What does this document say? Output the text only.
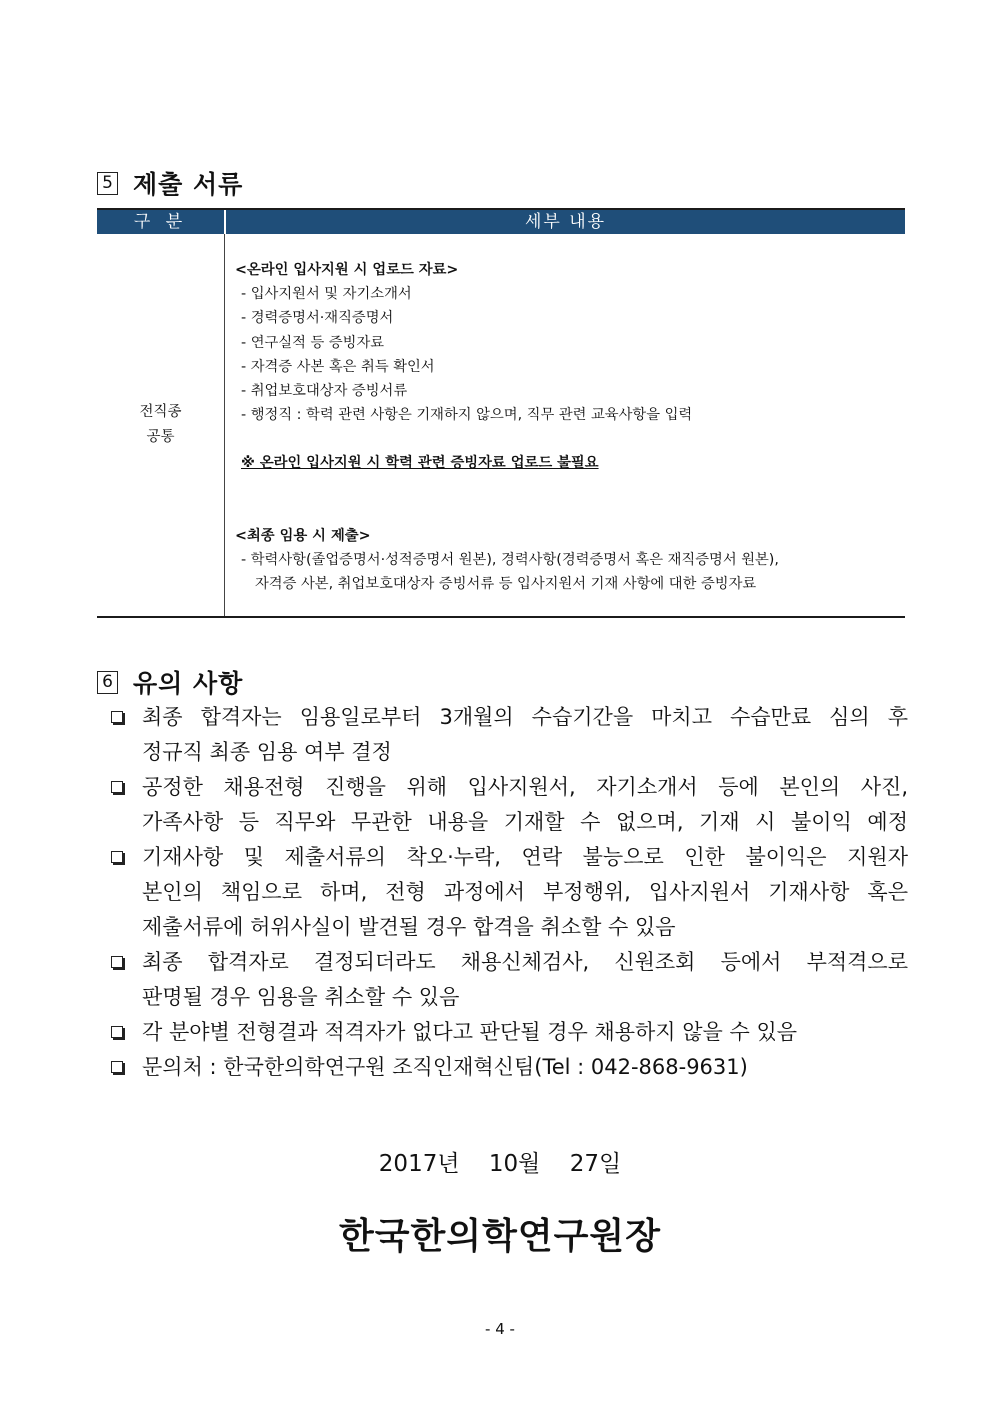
5 제출 서류
구 분	세부 내용
전직종
공통
<온라인 입사지원 시 업로드 자료>
- 입사지원서 및 자기소개서
- 경력증명서·재직증명서
- 연구실적 등 증빙자료
- 자격증 사본 혹은 취득 확인서
- 취업보호대상자 증빙서류
- 행정직 : 학력 관련 사항은 기재하지 않으며, 직무 관련 교육사항을 입력
※ 온라인 입사지원 시 학력 관련 증빙자료 업로드 불필요
<최종 임용 시 제출>
- 학력사항(졸업증명서·성적증명서 원본), 경력사항(경력증명서 혹은 재직증명서 원본),
자격증 사본, 취업보호대상자 증빙서류 등 입사지원서 기재 사항에 대한 증빙자료
6 유의 사항
최종 합격자는 임용일로부터 3개월의 수습기간을 마치고 수습만료 심의 후
정규직 최종 임용 여부 결정
공정한 채용전형 진행을 위해 입사지원서, 자기소개서 등에 본인의 사진,
가족사항 등 직무와 무관한 내용을 기재할 수 없으며, 기재 시 불이익 예정
기재사항 및 제출서류의 착오·누락, 연락 불능으로 인한 불이익은 지원자
본인의 책임으로 하며, 전형 과정에서 부정행위, 입사지원서 기재사항 혹은
제출서류에 허위사실이 발견될 경우 합격을 취소할 수 있음
최종 합격자로 결정되더라도 채용신체검사, 신원조회 등에서 부적격으로
판명될 경우 임용을 취소할 수 있음
각 분야별 전형결과 적격자가 없다고 판단될 경우 채용하지 않을 수 있음
문의처 : 한국한의학연구원 조직인재혁신팀(Tel : 042-868-9631)
2017년 10월 27일
한국한의학연구원장
- 4 -
